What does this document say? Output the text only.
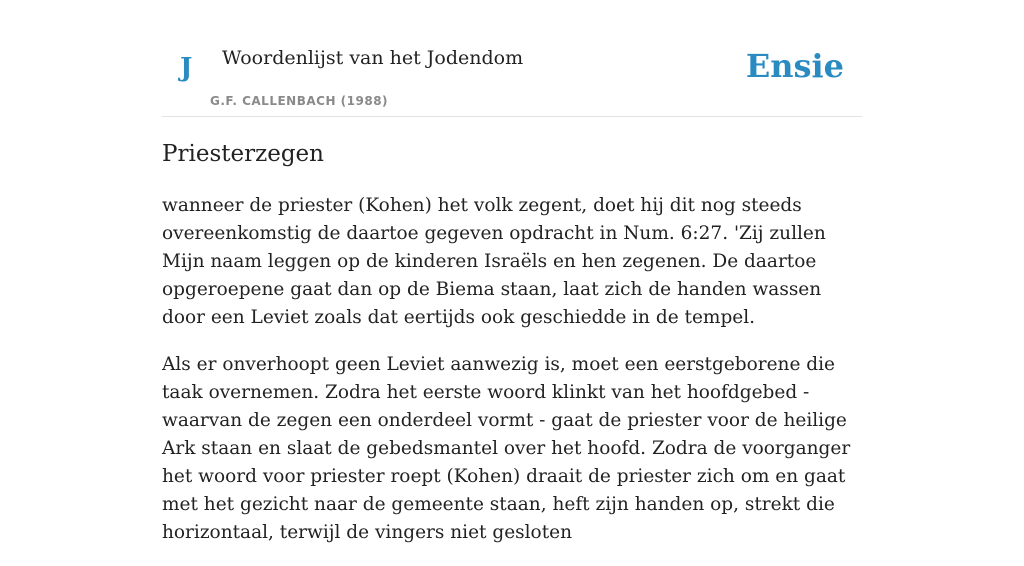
J Woordenlijst van het Jodendom
G.F. CALLENBACH (1988)
Ensie
Priesterzegen

wanneer de priester (Kohen) het volk zegent, doet hij dit nog steeds overeenkomstig de daartoe gegeven opdracht in Num. 6:27. 'Zij zullen Mijn naam leggen op de kinderen Israëls en hen zegenen. De daartoe opgeroepene gaat dan op de Biema staan, laat zich de handen wassen door een Leviet zoals dat eertijds ook geschiedde in de tempel.

Als er onverhoopt geen Leviet aanwezig is, moet een eerstgeborene die taak overnemen. Zodra het eerste woord klinkt van het hoofdgebed - waarvan de zegen een onderdeel vormt - gaat de priester voor de heilige Ark staan en slaat de gebedsmantel over het hoofd. Zodra de voorganger het woord voor priester roept (Kohen) draait de priester zich om en gaat met het gezicht naar de gemeente staan, heft zijn handen op, strekt die horizontaal, terwijl de vingers niet gesloten
